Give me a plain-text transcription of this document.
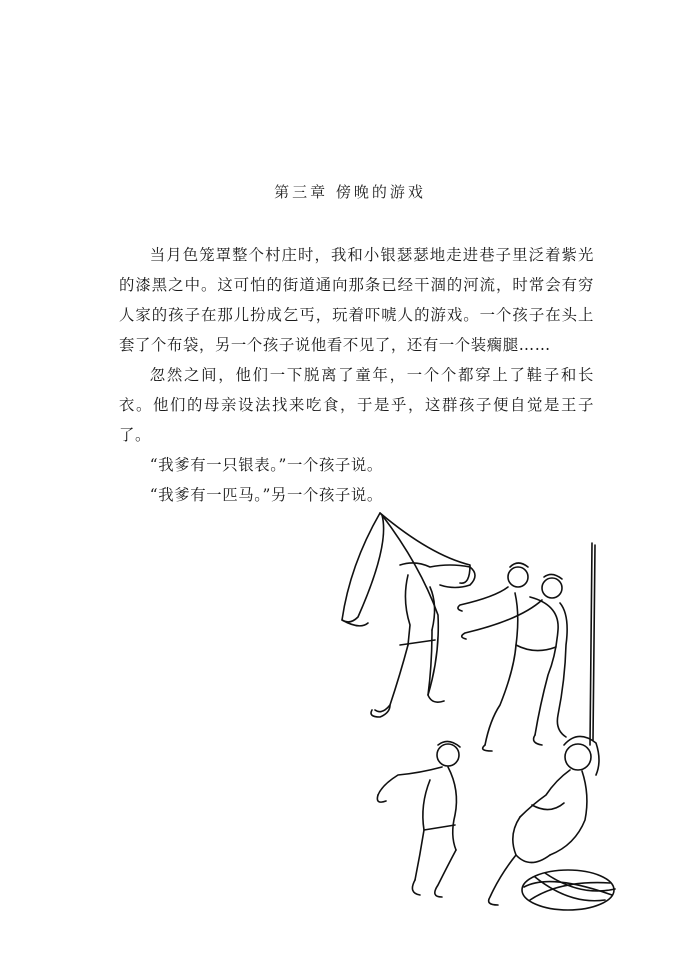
第三章 傍晚的游戏

当月色笼罩整个村庄时，我和小银瑟瑟地走进巷子里泛着紫光的漆黑之中。这可怕的街道通向那条已经干涸的河流，时常会有穷人家的孩子在那儿扮成乞丐，玩着吓唬人的游戏。一个孩子在头上套了个布袋，另一个孩子说他看不见了，还有一个装瘸腿……

忽然之间，他们一下脱离了童年，一个个都穿上了鞋子和长衣。他们的母亲设法找来吃食，于是乎，这群孩子便自觉是王子了。

“我爹有一只银表。”一个孩子说。

“我爹有一匹马。”另一个孩子说。
